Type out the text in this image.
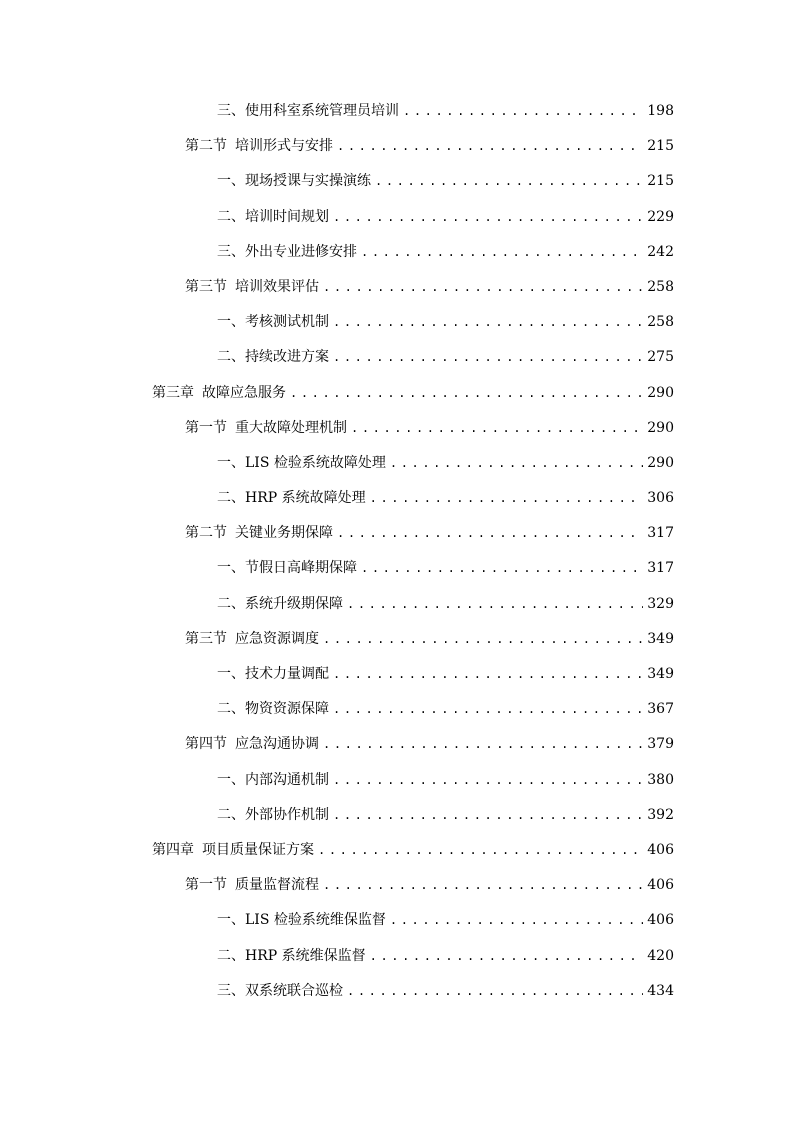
三、 使用科室系统管理员培训 .....	198
第二节 培训形式与安排 .....	215
一、 现场授课与实操演练 .....	215
二、 培训时间规划 .....	229
三、 外出专业进修安排 .....	242
第三节 培训效果评估 .....	258
一、 考核测试机制 .....	258
二、 持续改进方案 .....	275
第三章 故障应急服务 .....	290
第一节 重大故障处理机制 .....	290
一、 LIS 检验系统故障处理 .....	290
二、 HRP 系统故障处理 .....	306
第二节 关键业务期保障 .....	317
一、 节假日高峰期保障 .....	317
二、 系统升级期保障 .....	329
第三节 应急资源调度 .....	349
一、 技术力量调配 .....	349
二、 物资资源保障 .....	367
第四节 应急沟通协调 .....	379
一、 内部沟通机制 .....	380
二、 外部协作机制 .....	392
第四章 项目质量保证方案 .....	406
第一节 质量监督流程 .....	406
一、 LIS 检验系统维保监督 .....	406
二、 HRP 系统维保监督 .....	420
三、 双系统联合巡检 .....	434
